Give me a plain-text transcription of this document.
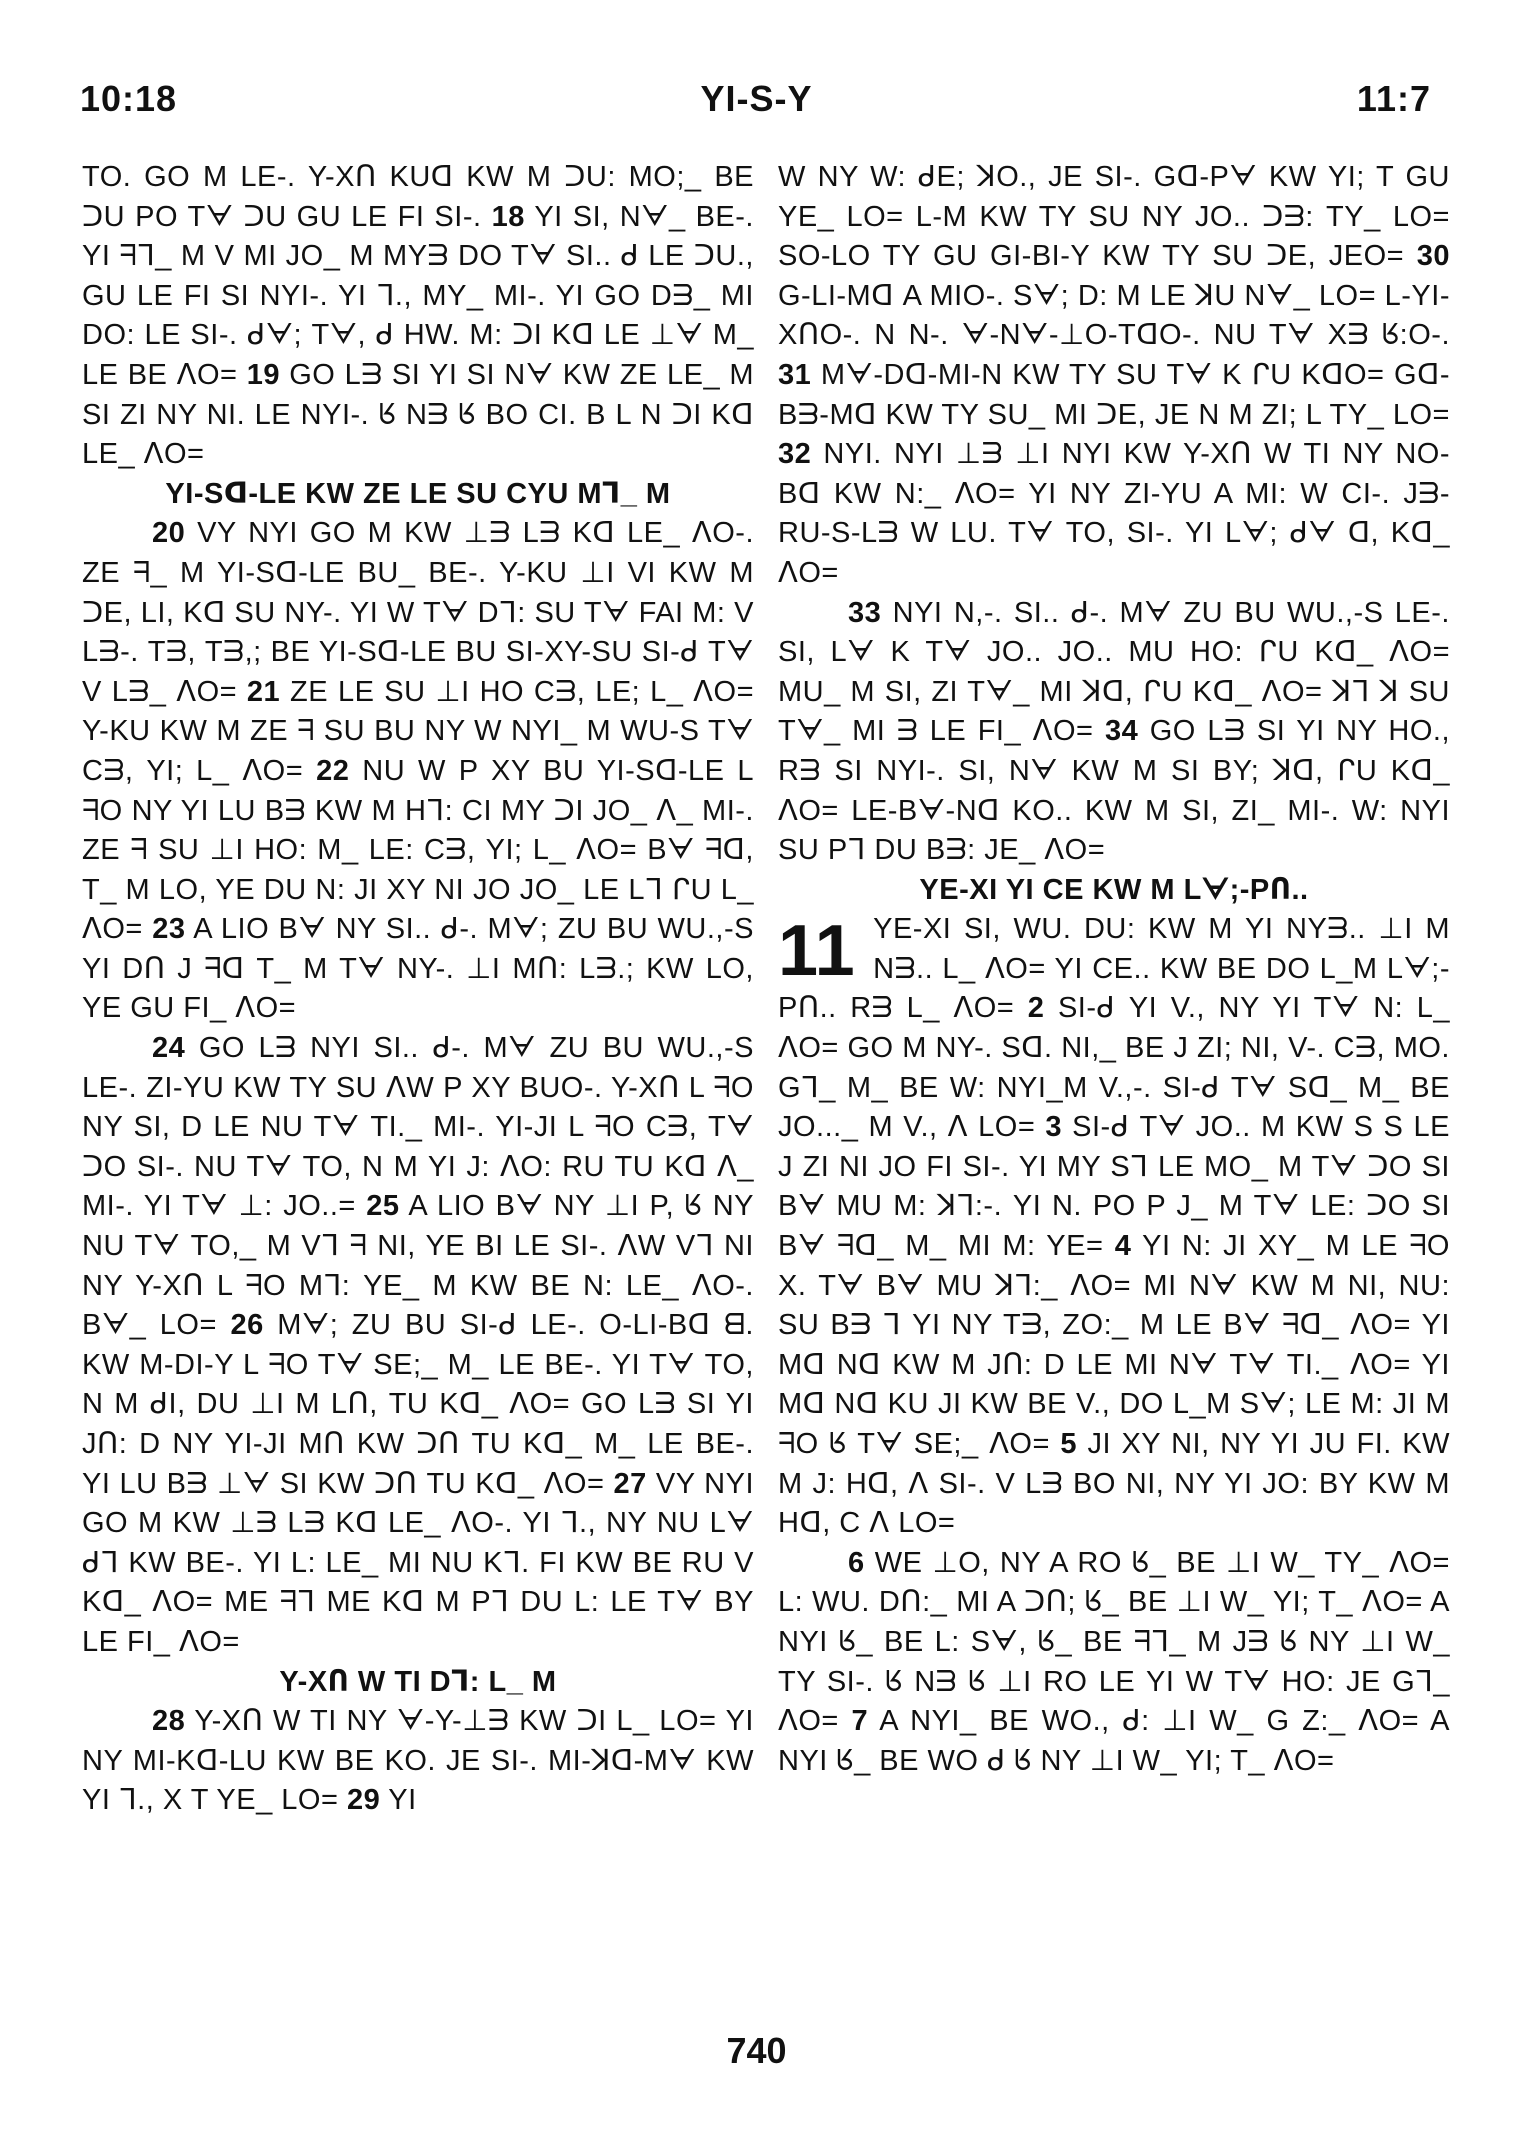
10:18	YI-S-Y	11:7

TO. GO M LE-. Y-XՈ KUᗡ KW M ᑐU: MO;_ BE ᑐU PO Tᗄ ᑐU GU LE FI SI-. 18 YI SI, Nᗄ_ BE-. YI ᖷᒣ_ M V MI JO_ M MYᗱ DO Tᗄ SI.. ᑯ LE ᑐU., GU LE FI SI NYI-. YI ᒣ., MY_ MI-. YI GO Dᗱ_ MI DO: LE SI-. ᑯᗄ; Tᗄ, ᑯ HW. M: ᑐI Kᗡ LE ⊥ᗄ M_ LE BE ᐱO= 19 GO Lᗱ SI YI SI Nᗄ KW ZE LE_ M SI ZI NY NI. LE NYI-. ᖉ Nᗱ ᖉ BO CI. B L N ᑐI Kᗡ LE_ ᐱO=

YI-Sᗡ-LE KW ZE LE SU CYU Mᒣ_ M

20 VY NYI GO M KW ⊥ᗱ Lᗱ Kᗡ LE_ ᐱO-. ZE ᖷ_ M YI-Sᗡ-LE BU_ BE-. Y-KU ⊥I VI KW M ᑐE, LI, Kᗡ SU NY-. YI W Tᗄ Dᒣ: SU Tᗄ FAI M: V Lᗱ-. Tᗱ, Tᗱ,; BE YI-Sᗡ-LE BU SI-XY-SU SI-ᑯ Tᗄ V Lᗱ_ ᐱO= 21 ZE LE SU ⊥I HO Cᗱ, LE; L_ ᐱO= Y-KU KW M ZE ᖷ SU BU NY W NYI_ M WU-S Tᗄ Cᗱ, YI; L_ ᐱO= 22 NU W P XY BU YI-Sᗡ-LE L ᖷO NY YI LU Bᗱ KW M Hᒣ: CI MY ᑐI JO_ ᐱ_ MI-. ZE ᖷ SU ⊥I HO: M_ LE: Cᗱ, YI; L_ ᐱO= Bᗄ ᖷᗡ, T_ M LO, YE DU N: JI XY NI JO JO_ LE Lᒣ ᒋU L_ ᐱO= 23 A LIO Bᗄ NY SI.. ᑯ-. Mᗄ; ZU BU WU.,-S YI DՈ J ᖷᗡ T_ M Tᗄ NY-. ⊥I MՈ: Lᗱ.; KW LO, YE GU FI_ ᐱO=

24 GO Lᗱ NYI SI.. ᑯ-. Mᗄ ZU BU WU.,-S LE-. ZI-YU KW TY SU ᐱW P XY BUO-. Y-XՈ L ᖷO NY SI, D LE NU Tᗄ TI._ MI-. YI-JI L ᖷO Cᗱ, Tᗄ ᑐO SI-. NU Tᗄ TO, N M YI J: ᐱO: RU TU Kᗡ ᐱ_ MI-. YI Tᗄ ⊥: JO..= 25 A LIO Bᗄ NY ⊥I P, ᖉ NY NU Tᗄ TO,_ M Vᒣ ᖷ NI, YE BI LE SI-. ᐱW Vᒣ NI NY Y-XՈ L ᖷO Mᒣ: YE_ M KW BE N: LE_ ᐱO-. Bᗄ_ LO= 26 Mᗄ; ZU BU SI-ᑯ LE-. O-LI-Bᗡ ᗺ. KW M-DI-Y L ᖷO Tᗄ SE;_ M_ LE BE-. YI Tᗄ TO, N M ᑯI, DU ⊥I M LՈ, TU Kᗡ_ ᐱO= GO Lᗱ SI YI JՈ: D NY YI-JI MՈ KW ᑐՈ TU Kᗡ_ M_ LE BE-. YI LU Bᗱ ⊥ᗄ SI KW ᑐՈ TU Kᗡ_ ᐱO= 27 VY NYI GO M KW ⊥ᗱ Lᗱ Kᗡ LE_ ᐱO-. YI ᒣ., NY NU Lᗄ ᑯᒣ KW BE-. YI L: LE_ MI NU Kᒣ. FI KW BE RU V Kᗡ_ ᐱO= ME ᖷᒣ ME Kᗡ M Pᒣ DU L: LE Tᗄ BY LE FI_ ᐱO=

Y-XՈ W TI Dᒣ: L_ M

28 Y-XՈ W TI NY ᗄ-Y-⊥ᗱ KW ᑐI L_ LO= YI NY MI-Kᗡ-LU KW BE KO. JE SI-. MI-ꓘᗡ-Mᗄ KW YI ᒣ., X T YE_ LO= 29 YI

W NY W: ᑯE; ꓘO., JE SI-. Gᗡ-Pᗄ KW YI; T GU YE_ LO= L-M KW TY SU NY JO.. ᑐᗱ: TY_ LO= SO-LO TY GU GI-BI-Y KW TY SU ᑐE, JEO= 30 G-LI-Mᗡ A MIO-. Sᗄ; D: M LE ꓘU Nᗄ_ LO= L-YI-XՈO-. N N-. ᗄ-Nᗄ-⊥O-TᗡO-. NU Tᗄ Xᗱ ᖉ:O-. 31 Mᗄ-Dᗡ-MI-N KW TY SU Tᗄ K ᒋU KᗡO= Gᗡ-Bᗱ-Mᗡ KW TY SU_ MI ᑐE, JE N M ZI; L TY_ LO= 32 NYI. NYI ⊥ᗱ ⊥I NYI KW Y-XՈ W TI NY NO-Bᗡ KW N:_ ᐱO= YI NY ZI-YU A MI: W CI-. Jᗱ-RU-S-Lᗱ W LU. Tᗄ TO, SI-. YI Lᗄ; ᑯᗄ ᗡ, Kᗡ_ ᐱO=

33 NYI N,-. SI.. ᑯ-. Mᗄ ZU BU WU.,-S LE-. SI, Lᗄ K Tᗄ JO.. JO.. MU HO: ᒋU Kᗡ_ ᐱO= MU_ M SI, ZI Tᗄ_ MI ꓘᗡ, ᒋU Kᗡ_ ᐱO= ꓘᒣ ꓘ SU Tᗄ_ MI ᗱ LE FI_ ᐱO= 34 GO Lᗱ SI YI NY HO., Rᗱ SI NYI-. SI, Nᗄ KW M SI BY; ꓘᗡ, ᒋU Kᗡ_ ᐱO= LE-Bᗄ-Nᗡ KO.. KW M SI, ZI_ MI-. W: NYI SU Pᒣ DU Bᗱ: JE_ ᐱO=

YE-XI YI CE KW M Lᗄ;-PՈ..

11 YE-XI SI, WU. DU: KW M YI NYᗱ.. ⊥I M Nᗱ.. L_ ᐱO= YI CE.. KW BE DO L_M Lᗄ;-PՈ.. Rᗱ L_ ᐱO= 2 SI-ᑯ YI V., NY YI Tᗄ N: L_ ᐱO= GO M NY-. Sᗡ. NI,_ BE J ZI; NI, V-. Cᗱ, MO. Gᒣ_ M_ BE W: NYI_M V.,-. SI-ᑯ Tᗄ Sᗡ_ M_ BE JO..._ M V., ᐱ LO= 3 SI-ᑯ Tᗄ JO.. M KW S S LE J ZI NI JO FI SI-. YI MY Sᒣ LE MO_ M Tᗄ ᑐO SI Bᗄ MU M: ꓘᒣ:-. YI N. PO P J_ M Tᗄ LE: ᑐO SI Bᗄ ᖷᗡ_ M_ MI M: YE= 4 YI N: JI XY_ M LE ᖷO X. Tᗄ Bᗄ MU ꓘᒣ:_ ᐱO= MI Nᗄ KW M NI, NU: SU Bᗱ ᒣ YI NY Tᗱ, ZO:_ M LE Bᗄ ᖷᗡ_ ᐱO= YI Mᗡ Nᗡ KW M JՈ: D LE MI Nᗄ Tᗄ TI._ ᐱO= YI Mᗡ Nᗡ KU JI KW BE V., DO L_M Sᗄ; LE M: JI M ᖷO ᖉ Tᗄ SE;_ ᐱO= 5 JI XY NI, NY YI JU FI. KW M J: Hᗡ, ᐱ SI-. V Lᗱ BO NI, NY YI JO: BY KW M Hᗡ, C ᐱ LO=

6 WE ⊥O, NY A RO ᖉ_ BE ⊥I W_ TY_ ᐱO= L: WU. DՈ:_ MI A ᑐՈ; ᖉ_ BE ⊥I W_ YI; T_ ᐱO= A NYI ᖉ_ BE L: Sᗄ, ᖉ_ BE ᖷᒣ_ M Jᗱ ᖉ NY ⊥I W_ TY SI-. ᖉ Nᗱ ᖉ ⊥I RO LE YI W Tᗄ HO: JE Gᒣ_ ᐱO= 7 A NYI_ BE WO., ᑯ: ⊥I W_ G Z:_ ᐱO= A NYI ᖉ_ BE WO ᑯ ᖉ NY ⊥I W_ YI; T_ ᐱO=

740
